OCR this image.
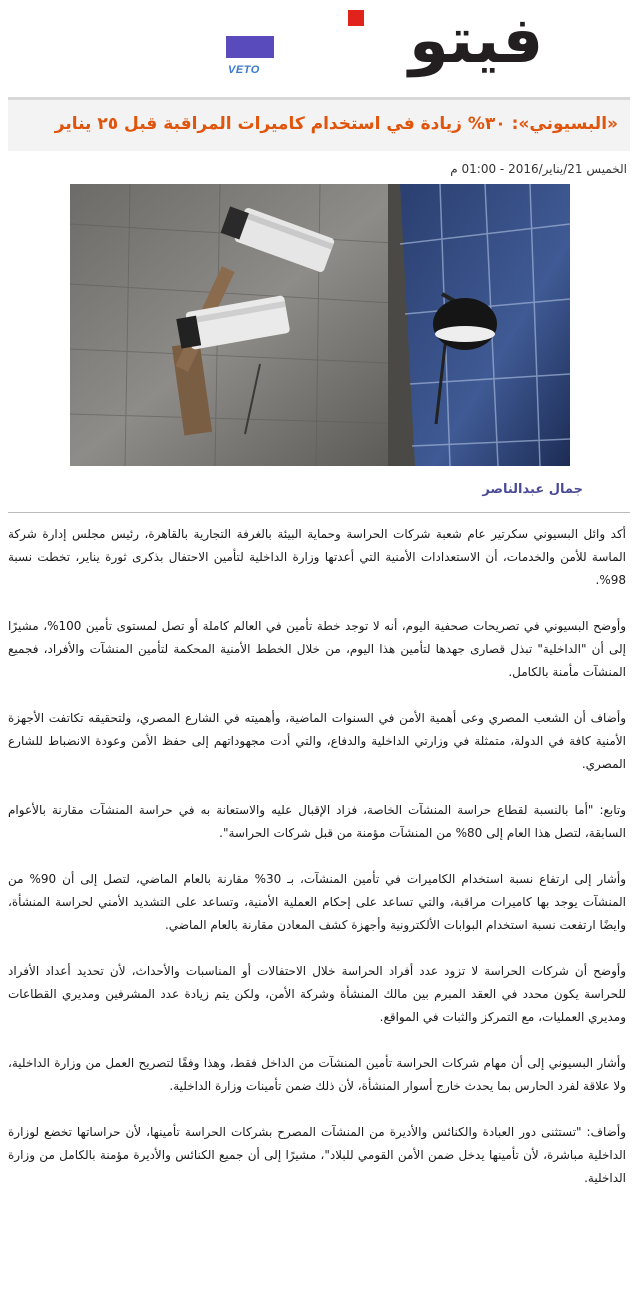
فيتو
VETO
«البسيوني»: ٣٠% زيادة في استخدام كاميرات المراقبة قبل ٢٥ يناير
الخميس 21/يناير/2016 - 01:00 م
جمال عبدالناصر

أكد وائل البسيوني سكرتير عام شعبة شركات الحراسة وحماية البيئة بالغرفة التجارية بالقاهرة، رئيس مجلس إدارة شركة الماسة للأمن والخدمات، أن الاستعدادات الأمنية التي أعدتها وزارة الداخلية لتأمين الاحتفال بذكرى ثورة يناير، تخطت نسبة 98%.

وأوضح البسيوني في تصريحات صحفية اليوم، أنه لا توجد خطة تأمين في العالم كاملة أو تصل لمستوى تأمين 100%، مشيرًا إلى أن "الداخلية" تبذل قصارى جهدها لتأمين هذا اليوم، من خلال الخطط الأمنية المحكمة لتأمين المنشآت والأفراد، فجميع المنشآت مأمنة بالكامل.

وأضاف أن الشعب المصري وعى أهمية الأمن في السنوات الماضية، وأهميته في الشارع المصري، ولتحقيقه تكاتفت الأجهزة الأمنية كافة في الدولة، متمثلة في وزارتي الداخلية والدفاع، والتي أدت مجهوداتهم إلى حفظ الأمن وعودة الانضباط للشارع المصري.

وتابع: "أما بالنسبة لقطاع حراسة المنشآت الخاصة، فزاد الإقبال عليه والاستعانة به في حراسة المنشآت مقارنة بالأعوام السابقة، لتصل هذا العام إلى 80% من المنشآت مؤمنة من قبل شركات الحراسة".

وأشار إلى ارتفاع نسبة استخدام الكاميرات في تأمين المنشآت، بـ 30% مقارنة بالعام الماضي، لتصل إلى أن 90% من المنشآت يوجد بها كاميرات مراقبة، والتي تساعد على إحكام العملية الأمنية، وتساعد على التشديد الأمني لحراسة المنشأة، وايضًا ارتفعت نسبة استخدام البوابات الألكترونية وأجهزة كشف المعادن مقارنة بالعام الماضي.

وأوضح أن شركات الحراسة لا تزود عدد أفراد الحراسة خلال الاحتفالات أو المناسبات والأحداث، لأن تحديد أعداد الأفراد للحراسة يكون محدد في العقد المبرم بين مالك المنشأة وشركة الأمن، ولكن يتم زيادة عدد المشرفين ومديري القطاعات ومديري العمليات، مع التمركز والثبات في المواقع.

وأشار البسيوني إلى أن مهام شركات الحراسة تأمين المنشآت من الداخل فقط، وهذا وفقًا لتصريح العمل من وزارة الداخلية، ولا علاقة لفرد الحارس بما يحدث خارج أسوار المنشأة، لأن ذلك ضمن تأمينات وزارة الداخلية.

وأضاف: "تستثنى دور العبادة والكنائس والأديرة من المنشآت المصرح بشركات الحراسة تأمينها، لأن حراساتها تخضع لوزارة الداخلية مباشرة، لأن تأمينها يدخل ضمن الأمن القومي للبلاد"، مشيرًا إلى أن جميع الكنائس والأديرة مؤمنة بالكامل من وزارة الداخلية.
